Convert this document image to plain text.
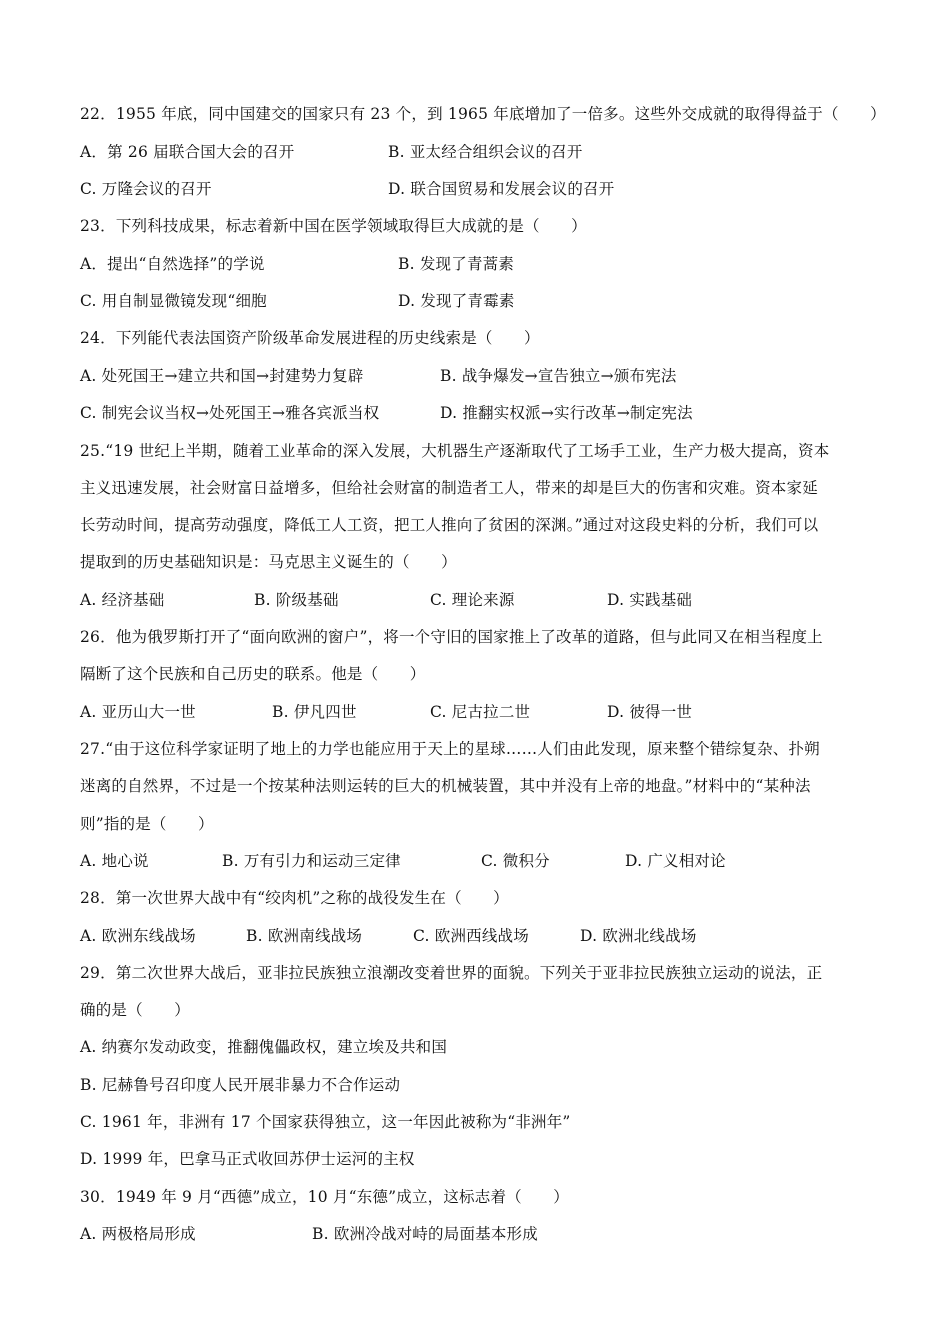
22．1955 年底，同中国建交的国家只有 23 个，到 1965 年底增加了一倍多。这些外交成就的取得得益于（　　）
A．第 26 届联合国大会的召开	B. 亚太经合组织会议的召开
C. 万隆会议的召开	D. 联合国贸易和发展会议的召开
23．下列科技成果，标志着新中国在医学领域取得巨大成就的是（　　）
A．提出“自然选择”的学说	B. 发现了青蒿素
C. 用自制显微镜发现“细胞	D. 发现了青霉素
24．下列能代表法国资产阶级革命发展进程的历史线索是（　　）
A. 处死国王→建立共和国→封建势力复辟	B. 战争爆发→宣告独立→颁布宪法
C. 制宪会议当权→处死国王→雅各宾派当权	D. 推翻实权派→实行改革→制定宪法
25.“19 世纪上半期，随着工业革命的深入发展，大机器生产逐渐取代了工场手工业，生产力极大提高，资本
主义迅速发展，社会财富日益增多，但给社会财富的制造者工人，带来的却是巨大的伤害和灾难。资本家延
长劳动时间，提高劳动强度，降低工人工资，把工人推向了贫困的深渊。”通过对这段史料的分析，我们可以
提取到的历史基础知识是：马克思主义诞生的（　　）
A. 经济基础	B. 阶级基础	C. 理论来源	D. 实践基础
26．他为俄罗斯打开了“面向欧洲的窗户”，将一个守旧的国家推上了改革的道路，但与此同又在相当程度上
隔断了这个民族和自己历史的联系。他是（　　）
A. 亚历山大一世	B. 伊凡四世	C. 尼古拉二世	D. 彼得一世
27.“由于这位科学家证明了地上的力学也能应用于天上的星球……人们由此发现，原来整个错综复杂、扑朔
迷离的自然界，不过是一个按某种法则运转的巨大的机械装置，其中并没有上帝的地盘。”材料中的“某种法
则”指的是（　　）
A. 地心说	B. 万有引力和运动三定律	C. 微积分	D. 广义相对论
28．第一次世界大战中有“绞肉机”之称的战役发生在（　　）
A. 欧洲东线战场	B. 欧洲南线战场	C. 欧洲西线战场	D. 欧洲北线战场
29．第二次世界大战后，亚非拉民族独立浪潮改变着世界的面貌。下列关于亚非拉民族独立运动的说法，正
确的是（　　）
A. 纳赛尔发动政变，推翻傀儡政权，建立埃及共和国
B. 尼赫鲁号召印度人民开展非暴力不合作运动
C. 1961 年，非洲有 17 个国家获得独立，这一年因此被称为“非洲年”
D. 1999 年，巴拿马正式收回苏伊士运河的主权
30．1949 年 9 月“西德”成立，10 月“东德”成立，这标志着（　　）
A. 两极格局形成	B. 欧洲冷战对峙的局面基本形成
